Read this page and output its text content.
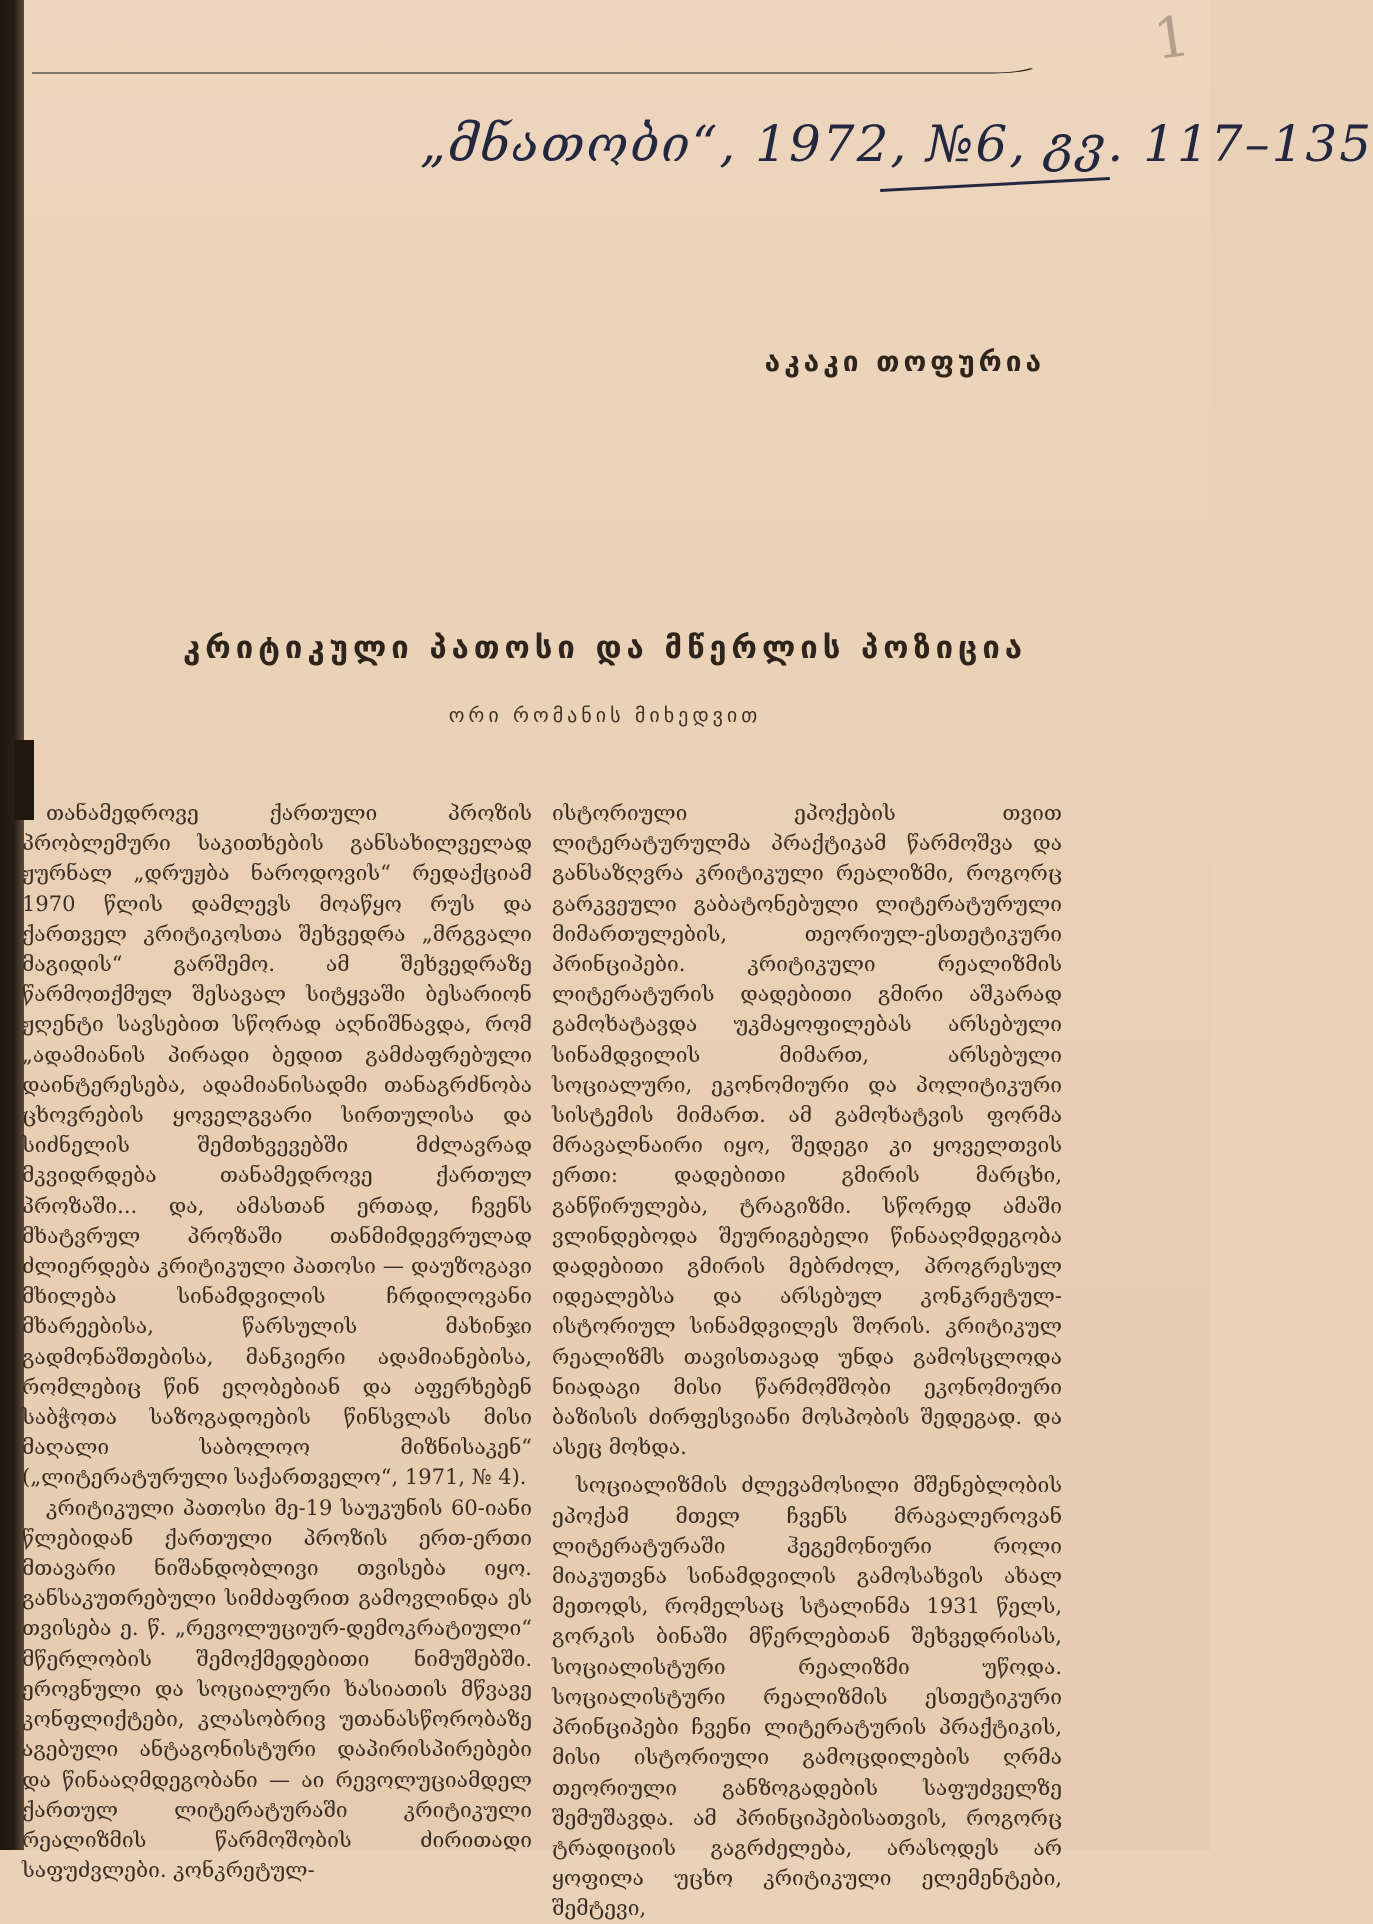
1
„მნათობი“, 1972, №6, გვ. 117–135
აკაკი თოფურია
კრიტიკული პათოსი და მწერლის პოზიცია
ორი რომანის მიხედვით

თანამედროვე ქართული პროზის პრობლემური საკითხების განსახილველად ჟურნალ „დრუჟბა ნაროდოვის“ რედაქციამ 1970 წლის დამლევს მოაწყო რუს და ქართველ კრიტიკოსთა შეხვედრა „მრგვალი მაგიდის“ გარშემო. ამ შეხვედრაზე წარმოთქმულ შესავალ სიტყვაში ბესარიონ ჟღენტი სავსებით სწორად აღნიშნავდა, რომ „ადამიანის პირადი ბედით გამძაფრებული დაინტერესება, ადამიანისადმი თანაგრძნობა ცხოვრების ყოველგვარი სირთულისა და სიძნელის შემთხვევებში მძლავრად მკვიდრდება თანამედროვე ქართულ პროზაში... და, ამასთან ერთად, ჩვენს მხატვრულ პროზაში თანმიმდევრულად ძლიერდება კრიტიკული პათოსი — დაუზოგავი მხილება სინამდვილის ჩრდილოვანი მხარეებისა, წარსულის მახინჯი გადმონაშთებისა, მანკიერი ადამიანებისა, რომლებიც წინ ეღობებიან და აფერხებენ საბჭოთა საზოგადოების წინსვლას მისი მაღალი საბოლოო მიზნისაკენ“ („ლიტერატურული საქართველო“, 1971, № 4).

კრიტიკული პათოსი მე-19 საუკუნის 60-იანი წლებიდან ქართული პროზის ერთ-ერთი მთავარი ნიშანდობლივი თვისება იყო. განსაკუთრებული სიმძაფრით გამოვლინდა ეს თვისება ე. წ. „რევოლუციურ-დემოკრატიული“ მწერლობის შემოქმედებითი ნიმუშებში. ეროვნული და სოციალური ხასიათის მწვავე კონფლიქტები, კლასობრივ უთანასწორობაზე აგებული ანტაგონისტური დაპირისპირებები და წინააღმდეგობანი — აი რევოლუციამდელ ქართულ ლიტერატურაში კრიტიკული რეალიზმის წარმოშობის ძირითადი საფუძვლები. კონკრეტულ-

ისტორიული ეპოქების თვით ლიტერატურულმა პრაქტიკამ წარმოშვა და განსაზღვრა კრიტიკული რეალიზმი, როგორც გარკვეული გაბატონებული ლიტერატურული მიმართულების, თეორიულ-ესთეტიკური პრინციპები. კრიტიკული რეალიზმის ლიტერატურის დადებითი გმირი აშკარად გამოხატავდა უკმაყოფილებას არსებული სინამდვილის მიმართ, არსებული სოციალური, ეკონომიური და პოლიტიკური სისტემის მიმართ. ამ გამოხატვის ფორმა მრავალნაირი იყო, შედეგი კი ყოველთვის ერთი: დადებითი გმირის მარცხი, განწირულება, ტრაგიზმი. სწორედ ამაში ვლინდებოდა შეურიგებელი წინააღმდეგობა დადებითი გმირის მებრძოლ, პროგრესულ იდეალებსა და არსებულ კონკრეტულ-ისტორიულ სინამდვილეს შორის. კრიტიკულ რეალიზმს თავისთავად უნდა გამოსცლოდა ნიადაგი მისი წარმომშობი ეკონომიური ბაზისის ძირფესვიანი მოსპობის შედეგად. და ასეც მოხდა.

სოციალიზმის ძლევამოსილი მშენებლობის ეპოქამ მთელ ჩვენს მრავალეროვან ლიტერატურაში ჰეგემონიური როლი მიაკუთვნა სინამდვილის გამოსახვის ახალ მეთოდს, რომელსაც სტალინმა 1931 წელს, გორკის ბინაში მწერლებთან შეხვედრისას, სოციალისტური რეალიზმი უწოდა. სოციალისტური რეალიზმის ესთეტიკური პრინციპები ჩვენი ლიტერატურის პრაქტიკის, მისი ისტორიული გამოცდილების ღრმა თეორიული განზოგადების საფუძველზე შემუშავდა. ამ პრინციპებისათვის, როგორც ტრადიციის გაგრძელება, არასოდეს არ ყოფილა უცხო კრიტიკული ელემენტები, შემტევი,
